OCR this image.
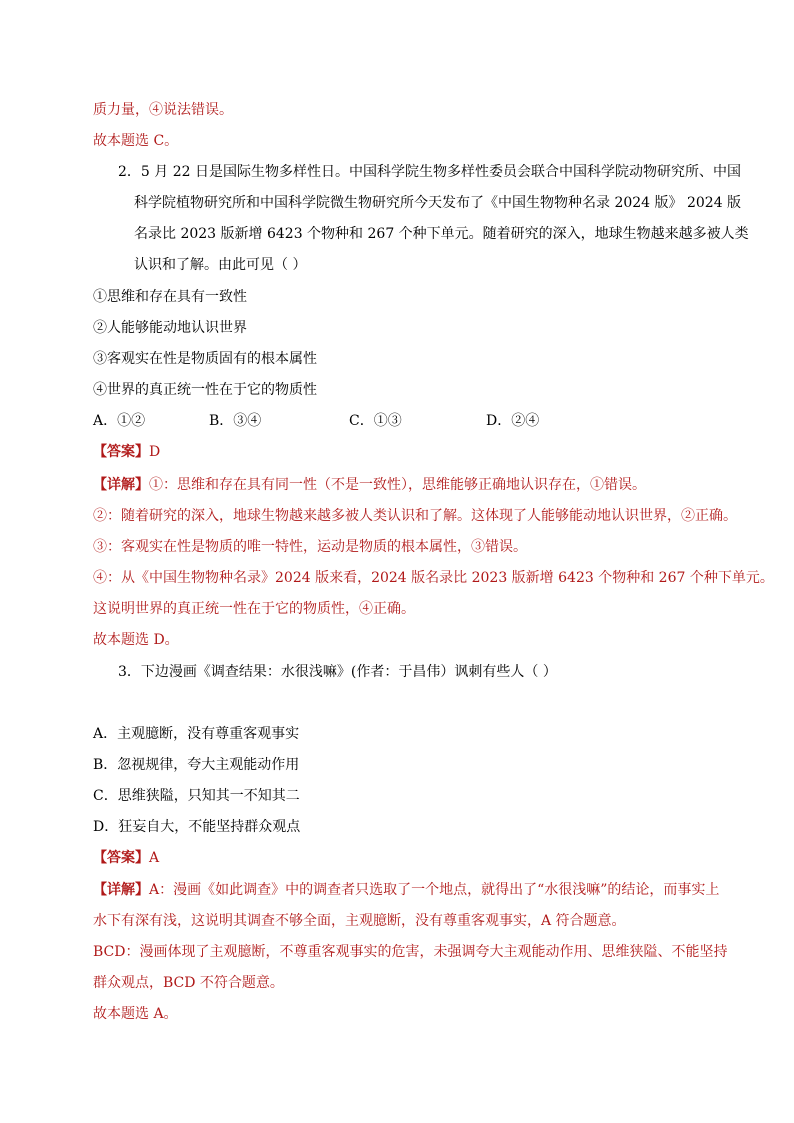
质力量，④说法错误。
故本题选 C。
2．5 月 22 日是国际生物多样性日。中国科学院生物多样性委员会联合中国科学院动物研究所、中国
科学院植物研究所和中国科学院微生物研究所今天发布了《中国生物物种名录 2024 版》 2024 版
名录比 2023 版新增 6423 个物种和 267 个种下单元。随着研究的深入，地球生物越来越多被人类
认识和了解。由此可见（ ）
①思维和存在具有一致性
②人能够能动地认识世界
③客观实在性是物质固有的根本属性
④世界的真正统一性在于它的物质性
A．①②	B．③④	C．①③	D．②④
【答案】D
【详解】①：思维和存在具有同一性（不是一致性），思维能够正确地认识存在，①错误。
②：随着研究的深入，地球生物越来越多被人类认识和了解。这体现了人能够能动地认识世界，②正确。
③：客观实在性是物质的唯一特性，运动是物质的根本属性，③错误。
④：从《中国生物物种名录》2024 版来看，2024 版名录比 2023 版新增 6423 个物种和 267 个种下单元。
这说明世界的真正统一性在于它的物质性，④正确。
故本题选 D。
3．下边漫画《调查结果：水很浅嘛》(作者：于昌伟）讽刺有些人（ ）
A．主观臆断，没有尊重客观事实
B．忽视规律，夸大主观能动作用
C．思维狭隘，只知其一不知其二
D．狂妄自大，不能坚持群众观点
【答案】A
【详解】A：漫画《如此调查》中的调查者只选取了一个地点，就得出了“水很浅嘛”的结论，而事实上
水下有深有浅，这说明其调查不够全面，主观臆断，没有尊重客观事实，A 符合题意。
BCD：漫画体现了主观臆断，不尊重客观事实的危害，未强调夸大主观能动作用、思维狭隘、不能坚持
群众观点，BCD 不符合题意。
故本题选 A。
